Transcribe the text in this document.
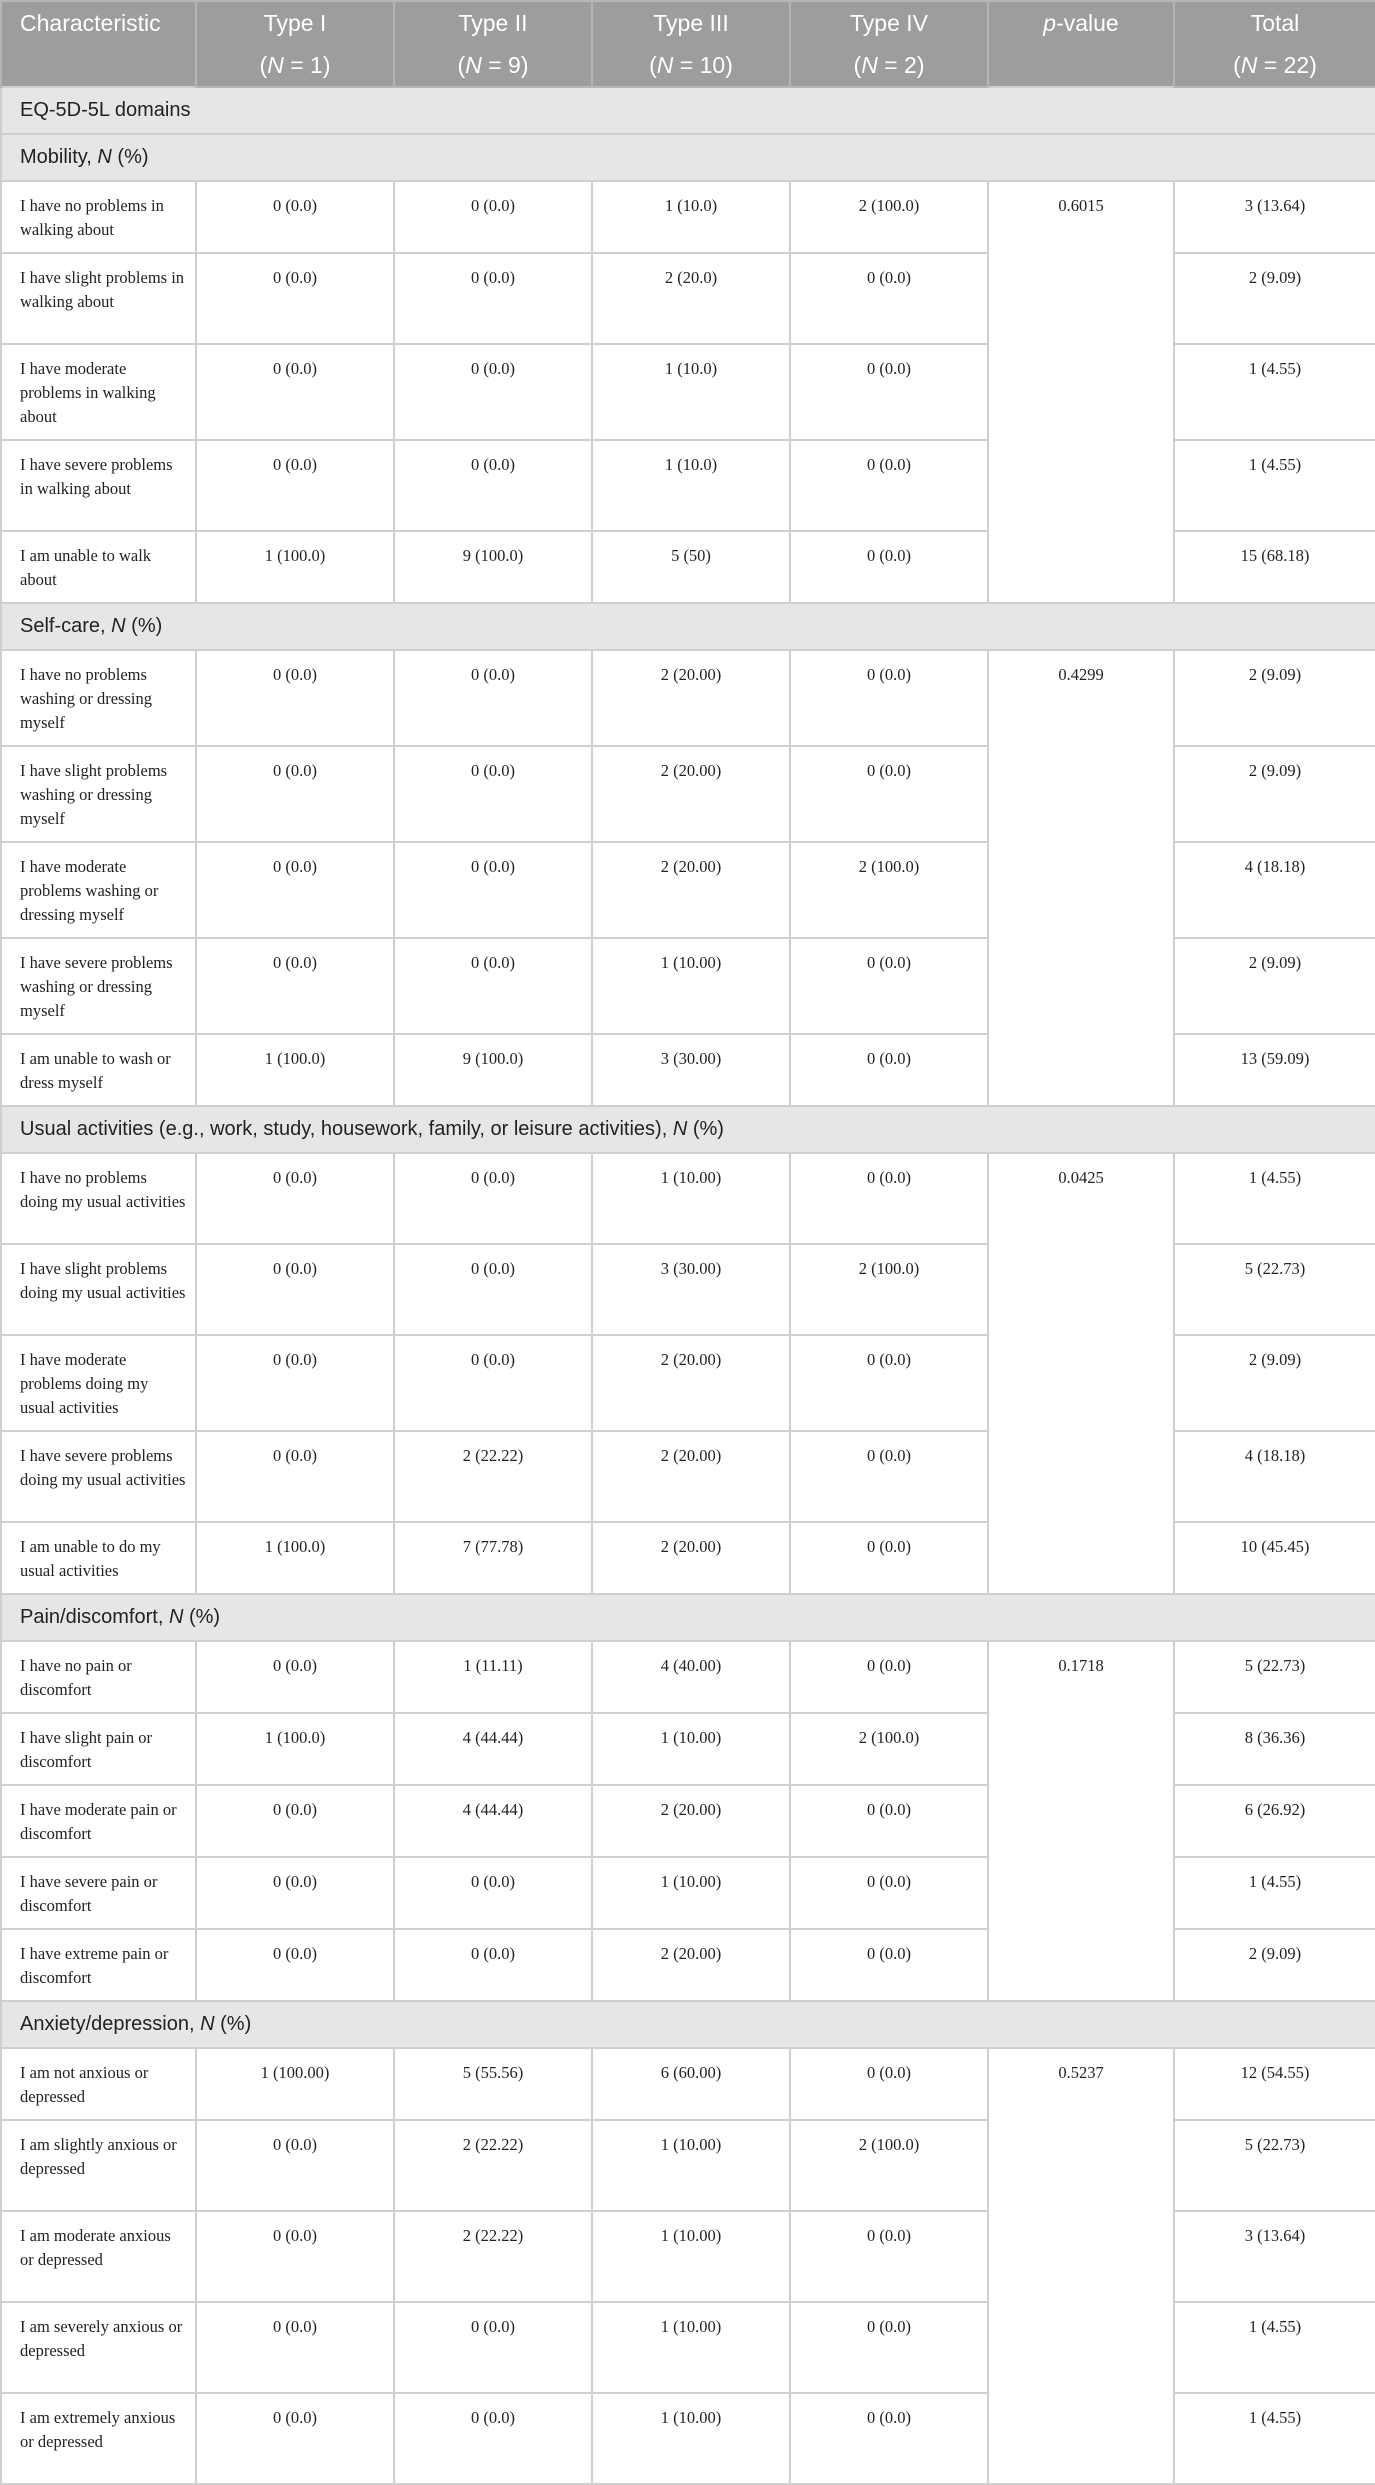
Characteristic	Type I	Type II	Type III	Type IV	p-value	Total
	(N = 1)	(N = 9)	(N = 10)	(N = 2)		(N = 22)
EQ-5D-5L domains						
Mobility, N (%)						
I have no problems in walking about	0 (0.0)	0 (0.0)	1 (10.0)	2 (100.0)	0.6015	3 (13.64)
I have slight problems in walking about	0 (0.0)	0 (0.0)	2 (20.0)	0 (0.0)		2 (9.09)
I have moderate problems in walking about	0 (0.0)	0 (0.0)	1 (10.0)	0 (0.0)		1 (4.55)
I have severe problems in walking about	0 (0.0)	0 (0.0)	1 (10.0)	0 (0.0)		1 (4.55)
I am unable to walk about	1 (100.0)	9 (100.0)	5 (50)	0 (0.0)		15 (68.18)
Self-care, N (%)						
I have no problems washing or dressing myself	0 (0.0)	0 (0.0)	2 (20.00)	0 (0.0)	0.4299	2 (9.09)
I have slight problems washing or dressing myself	0 (0.0)	0 (0.0)	2 (20.00)	0 (0.0)		2 (9.09)
I have moderate problems washing or dressing myself	0 (0.0)	0 (0.0)	2 (20.00)	2 (100.0)		4 (18.18)
I have severe problems washing or dressing myself	0 (0.0)	0 (0.0)	1 (10.00)	0 (0.0)		2 (9.09)
I am unable to wash or dress myself	1 (100.0)	9 (100.0)	3 (30.00)	0 (0.0)		13 (59.09)
Usual activities (e.g., work, study, housework, family, or leisure activities), N (%)						
I have no problems doing my usual activities	0 (0.0)	0 (0.0)	1 (10.00)	0 (0.0)	0.0425	1 (4.55)
I have slight problems doing my usual activities	0 (0.0)	0 (0.0)	3 (30.00)	2 (100.0)		5 (22.73)
I have moderate problems doing my usual activities	0 (0.0)	0 (0.0)	2 (20.00)	0 (0.0)		2 (9.09)
I have severe problems doing my usual activities	0 (0.0)	2 (22.22)	2 (20.00)	0 (0.0)		4 (18.18)
I am unable to do my usual activities	1 (100.0)	7 (77.78)	2 (20.00)	0 (0.0)		10 (45.45)
Pain/discomfort, N (%)						
I have no pain or discomfort	0 (0.0)	1 (11.11)	4 (40.00)	0 (0.0)	0.1718	5 (22.73)
I have slight pain or discomfort	1 (100.0)	4 (44.44)	1 (10.00)	2 (100.0)		8 (36.36)
I have moderate pain or discomfort	0 (0.0)	4 (44.44)	2 (20.00)	0 (0.0)		6 (26.92)
I have severe pain or discomfort	0 (0.0)	0 (0.0)	1 (10.00)	0 (0.0)		1 (4.55)
I have extreme pain or discomfort	0 (0.0)	0 (0.0)	2 (20.00)	0 (0.0)		2 (9.09)
Anxiety/depression, N (%)						
I am not anxious or depressed	1 (100.00)	5 (55.56)	6 (60.00)	0 (0.0)	0.5237	12 (54.55)
I am slightly anxious or depressed	0 (0.0)	2 (22.22)	1 (10.00)	2 (100.0)		5 (22.73)
I am moderate anxious or depressed	0 (0.0)	2 (22.22)	1 (10.00)	0 (0.0)		3 (13.64)
I am severely anxious or depressed	0 (0.0)	0 (0.0)	1 (10.00)	0 (0.0)		1 (4.55)
I am extremely anxious or depressed	0 (0.0)	0 (0.0)	1 (10.00)	0 (0.0)		1 (4.55)
